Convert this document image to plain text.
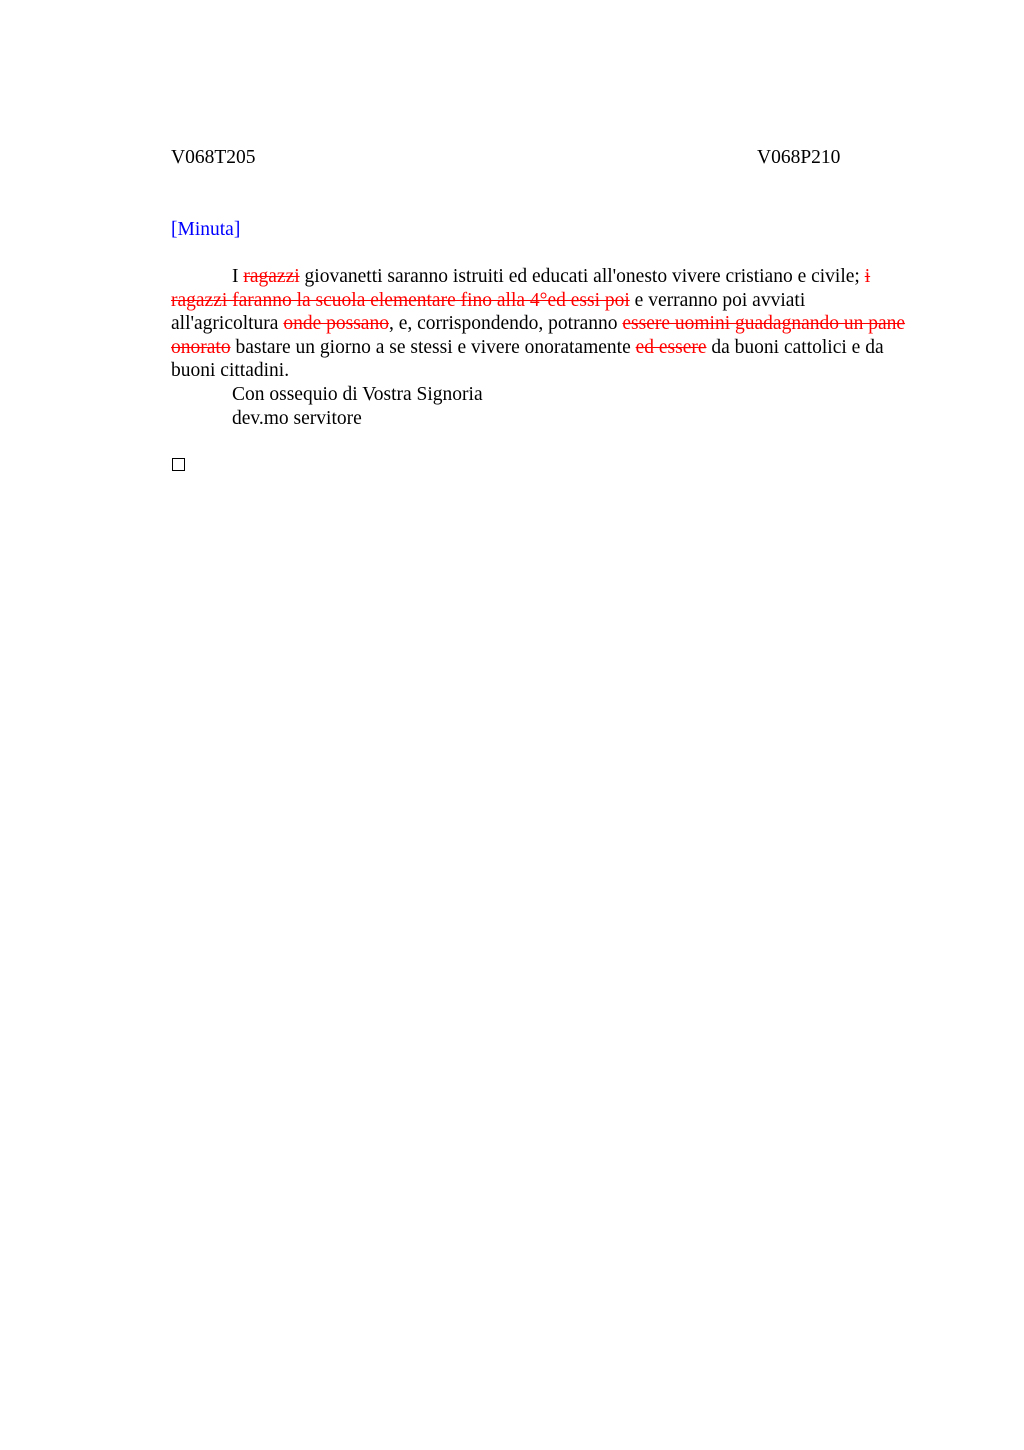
V068T205	V068P210
[Minuta]

I ragazzi giovanetti saranno istruiti ed educati all'onesto vivere cristiano e civile; i ragazzi faranno la scuola elementare fino alla 4°ed essi poi e verranno poi avviati all'agricoltura onde possano, e, corrispondendo, potranno essere uomini guadagnando un pane onorato bastare un giorno a se stessi e vivere onoratamente ed essere da buoni cattolici e da buoni cittadini.

Con ossequio di Vostra Signoria

dev.mo servitore
